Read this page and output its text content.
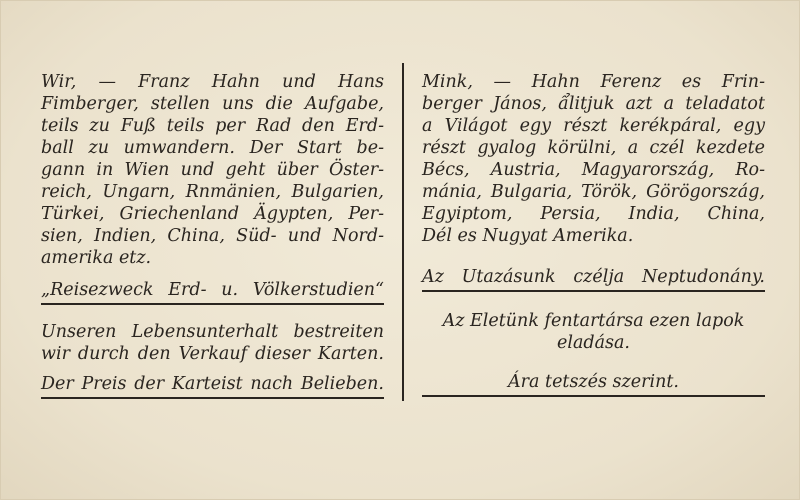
Wir, — Franz Hahn und Hans

Fimberger, stellen uns die Aufgabe,

teils zu Fuß teils per Rad den Erd-

ball zu umwandern. Der Start be-

gann in Wien und geht über Öster-

reich, Ungarn, Rnmänien, Bulgarien,

Türkei, Griechenland Ägypten, Per-

sien, Indien, China, Süd- und Nord-

amerika etz.

„Reisezweck Erd- u. Völkerstudien“

Unseren Lebensunterhalt bestreiten

wir durch den Verkauf dieser Karten.

Der Preis der Karteist nach Belieben.

Mink, — Hahn Ferenz es Frin-

berger János, ẩlitjuk azt a teladatot

a Világot egy részt kerékpáral, egy

részt gyalog körülni, a czél kezdete

Bécs, Austria, Magyarország, Ro-

mánia, Bulgaria, Török, Görögország,

Egyiptom, Persia, India, China,

Dél es Nugyat Amerika.

Az Utazásunk czélja Neptudonány.

Az Eletünk fentartársa ezen lapok

eladása.

Ára tetszés szerint.
